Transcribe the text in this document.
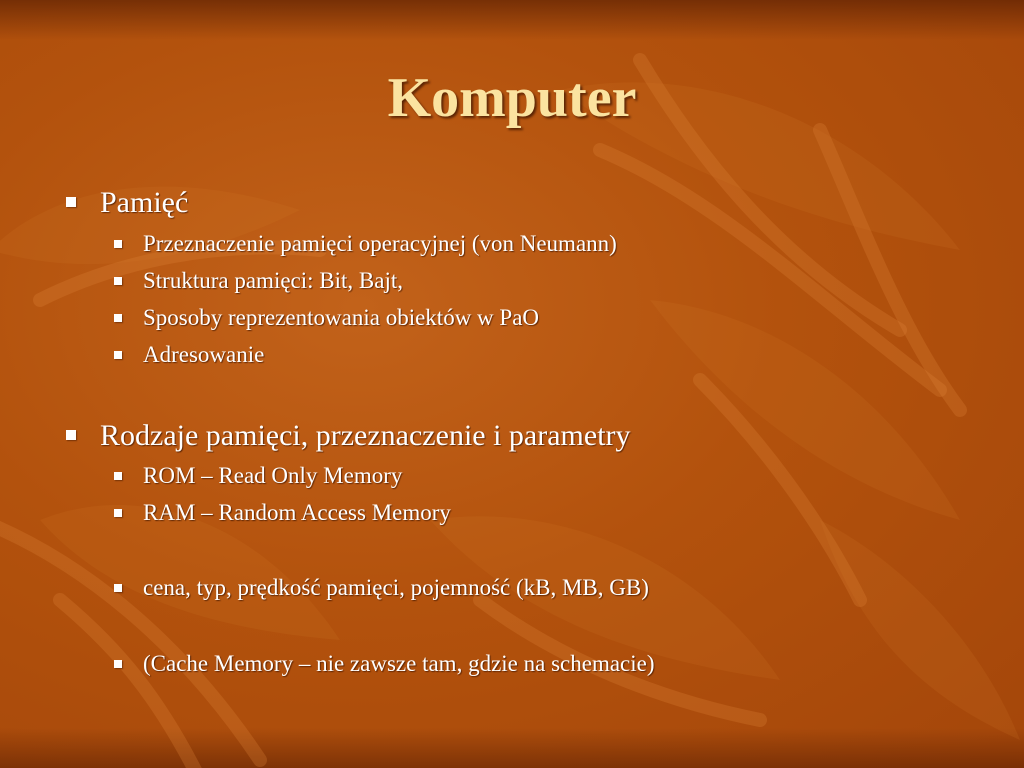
Komputer
Pamięć
Przeznaczenie pamięci operacyjnej (von Neumann)
Struktura pamięci: Bit, Bajt,
Sposoby reprezentowania obiektów w PaO
Adresowanie
Rodzaje pamięci, przeznaczenie i parametry
ROM – Read Only Memory
RAM – Random Access Memory
cena, typ, prędkość pamięci, pojemność (kB, MB, GB)
(Cache Memory – nie zawsze tam, gdzie na schemacie)
